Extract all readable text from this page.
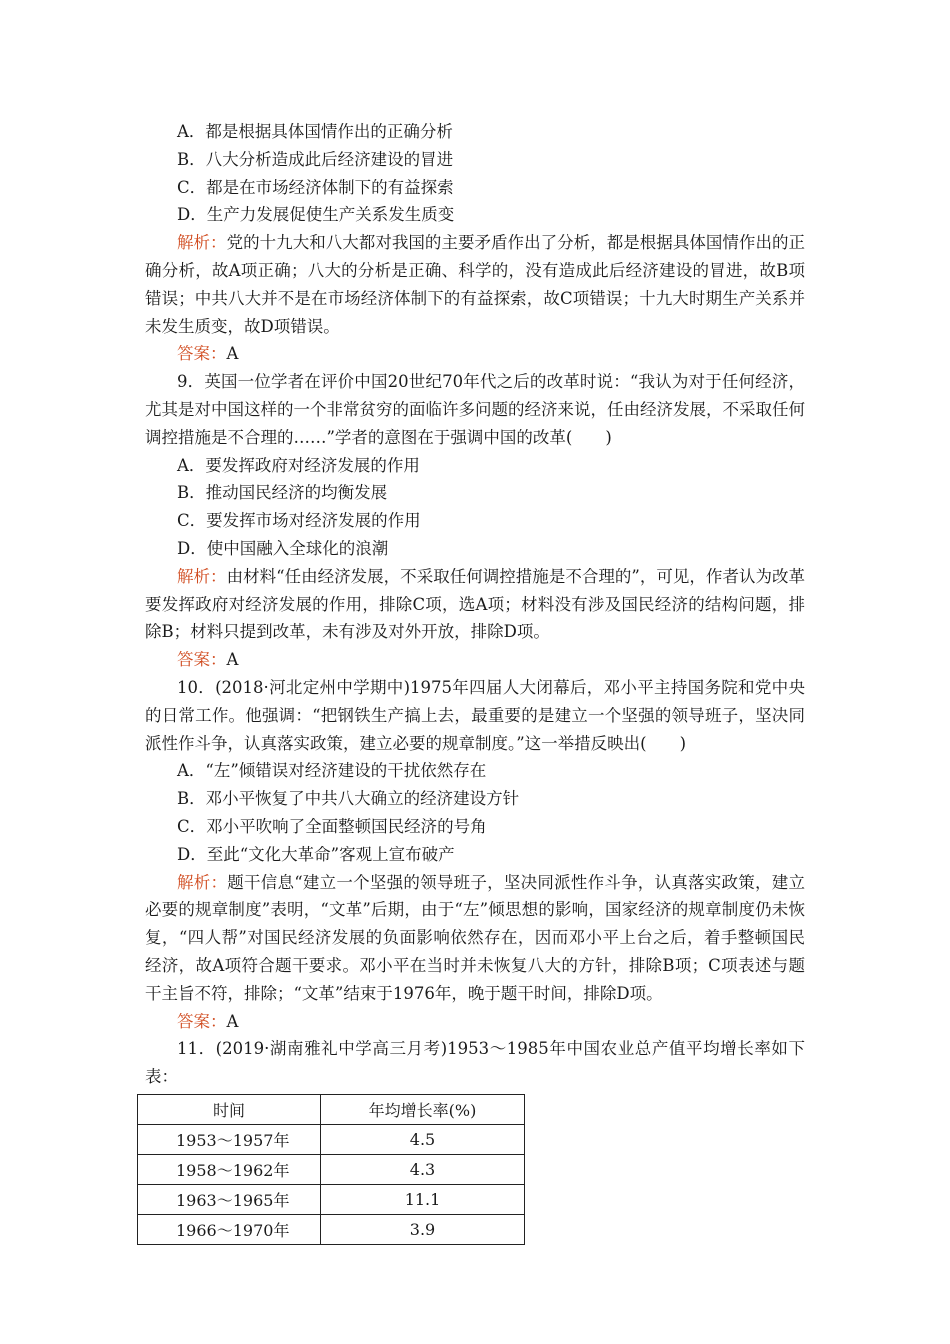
A．都是根据具体国情作出的正确分析
B．八大分析造成此后经济建设的冒进
C．都是在市场经济体制下的有益探索
D．生产力发展促使生产关系发生质变
解析：党的十九大和八大都对我国的主要矛盾作出了分析，都是根据具体国情作出的正确分析，故A项正确；八大的分析是正确、科学的，没有造成此后经济建设的冒进，故B项错误；中共八大并不是在市场经济体制下的有益探索，故C项错误；十九大时期生产关系并未发生质变，故D项错误。
答案：A
9．英国一位学者在评价中国20世纪70年代之后的改革时说：“我认为对于任何经济，尤其是对中国这样的一个非常贫穷的面临许多问题的经济来说，任由经济发展，不采取任何调控措施是不合理的……”学者的意图在于强调中国的改革(　　)
A．要发挥政府对经济发展的作用
B．推动国民经济的均衡发展
C．要发挥市场对经济发展的作用
D．使中国融入全球化的浪潮
解析：由材料“任由经济发展，不采取任何调控措施是不合理的”，可见，作者认为改革要发挥政府对经济发展的作用，排除C项，选A项；材料没有涉及国民经济的结构问题，排除B；材料只提到改革，未有涉及对外开放，排除D项。
答案：A
10．(2018·河北定州中学期中)1975年四届人大闭幕后，邓小平主持国务院和党中央的日常工作。他强调：“把钢铁生产搞上去，最重要的是建立一个坚强的领导班子，坚决同派性作斗争，认真落实政策，建立必要的规章制度。”这一举措反映出(　　)
A．“左”倾错误对经济建设的干扰依然存在
B．邓小平恢复了中共八大确立的经济建设方针
C．邓小平吹响了全面整顿国民经济的号角
D．至此“文化大革命”客观上宣布破产
解析：题干信息“建立一个坚强的领导班子，坚决同派性作斗争，认真落实政策，建立必要的规章制度”表明，“文革”后期，由于“左”倾思想的影响，国家经济的规章制度仍未恢复，“四人帮”对国民经济发展的负面影响依然存在，因而邓小平上台之后，着手整顿国民经济，故A项符合题干要求。邓小平在当时并未恢复八大的方针，排除B项；C项表述与题干主旨不符，排除；“文革”结束于1976年，晚于题干时间，排除D项。
答案：A
11．(2019·湖南雅礼中学高三月考)1953～1985年中国农业总产值平均增长率如下表：
时间	年均增长率(%)
1953～1957年	4.5
1958～1962年	4.3
1963～1965年	11.1
1966～1970年	3.9
